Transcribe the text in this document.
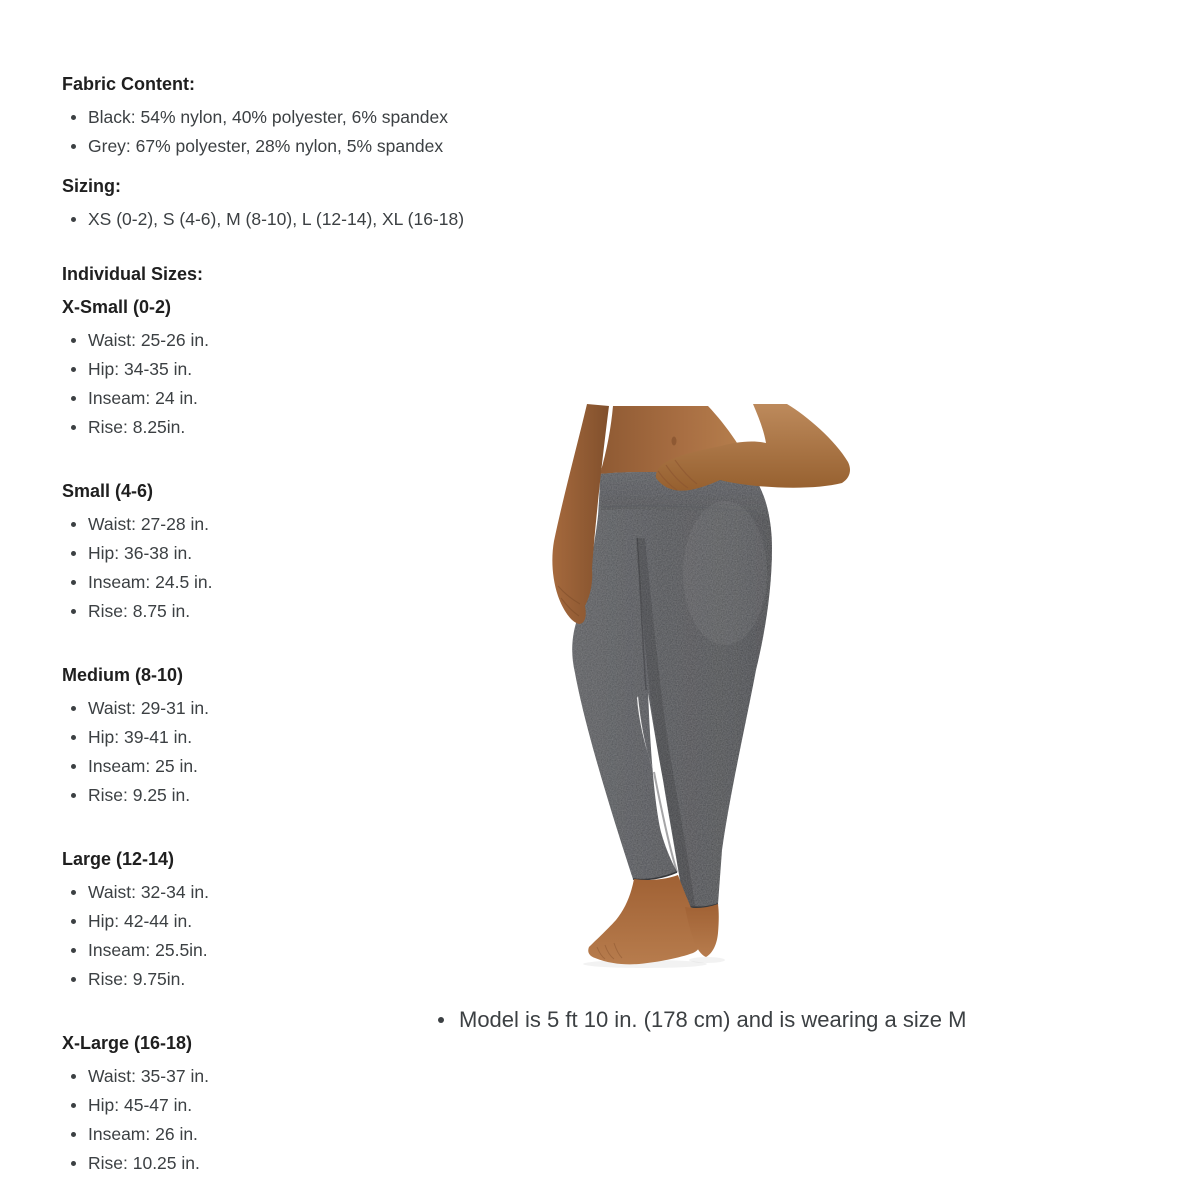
Fabric Content:
Black: 54% nylon, 40% polyester, 6% spandex
Grey: 67% polyester, 28% nylon, 5% spandex
Sizing:
XS (0-2), S (4-6), M (8-10), L (12-14), XL (16-18)
Individual Sizes:
X-Small (0-2)
Waist: 25-26 in.
Hip: 34-35 in.
Inseam: 24 in.
Rise: 8.25in.
Small (4-6)
Waist: 27-28 in.
Hip: 36-38 in.
Inseam: 24.5 in.
Rise: 8.75 in.
Medium (8-10)
Waist: 29-31 in.
Hip: 39-41 in.
Inseam: 25 in.
Rise: 9.25 in.
Large (12-14)
Waist: 32-34 in.
Hip: 42-44 in.
Inseam: 25.5in.
Rise: 9.75in.
X-Large (16-18)
Waist: 35-37 in.
Hip: 45-47 in.
Inseam: 26 in.
Rise: 10.25 in.
Model is 5 ft 10 in. (178 cm) and is wearing a size M
